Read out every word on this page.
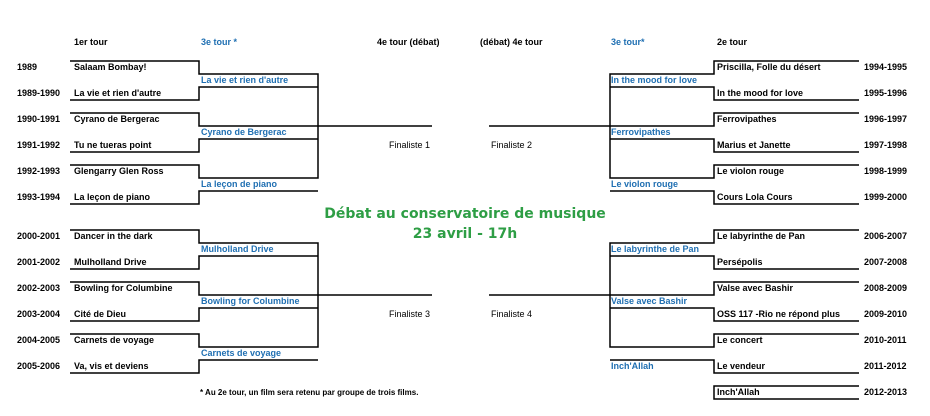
1er tour	3e tour *	4e tour (débat)	(débat) 4e tour	3e tour*	2e tour
1989	Salaam Bombay!
1989-1990 La vie et rien d'autre
1990-1991 Cyrano de Bergerac
1991-1992 Tu ne tueras point
1992-1993 Glengarry Glen Ross
1993-1994 La leçon de piano
2000-2001 Dancer in the dark
2001-2002 Mulholland Drive
2002-2003 Bowling for Columbine
2003-2004 Cité de Dieu
2004-2005 Carnets de voyage
2005-2006 Va, vis et deviens
La vie et rien d'autre
Cyrano de Bergerac
La leçon de piano
Mulholland Drive
Bowling for Columbine
Carnets de voyage
Finaliste 1
Finaliste 3
Finaliste 2
Finaliste 4
In the mood for love
Ferrovipathes
Le violon rouge
Le labyrinthe de Pan
Valse avec Bashir
Inch'Allah
Priscilla, Folle du désert	1994-1995
In the mood for love	1995-1996
Ferrovipathes	1996-1997
Marius et Janette	1997-1998
Le violon rouge	1998-1999
Cours Lola Cours	1999-2000
Le labyrinthe de Pan	2006-2007
Persépolis	2007-2008
Valse avec Bashir	2008-2009
OSS 117 -Rio ne répond plus	2009-2010
Le concert	2010-2011
Le vendeur	2011-2012
Inch'Allah	2012-2013
Débat au conservatoire de musique
23 avril - 17h
* Au 2e tour, un film sera retenu par groupe de trois films.
